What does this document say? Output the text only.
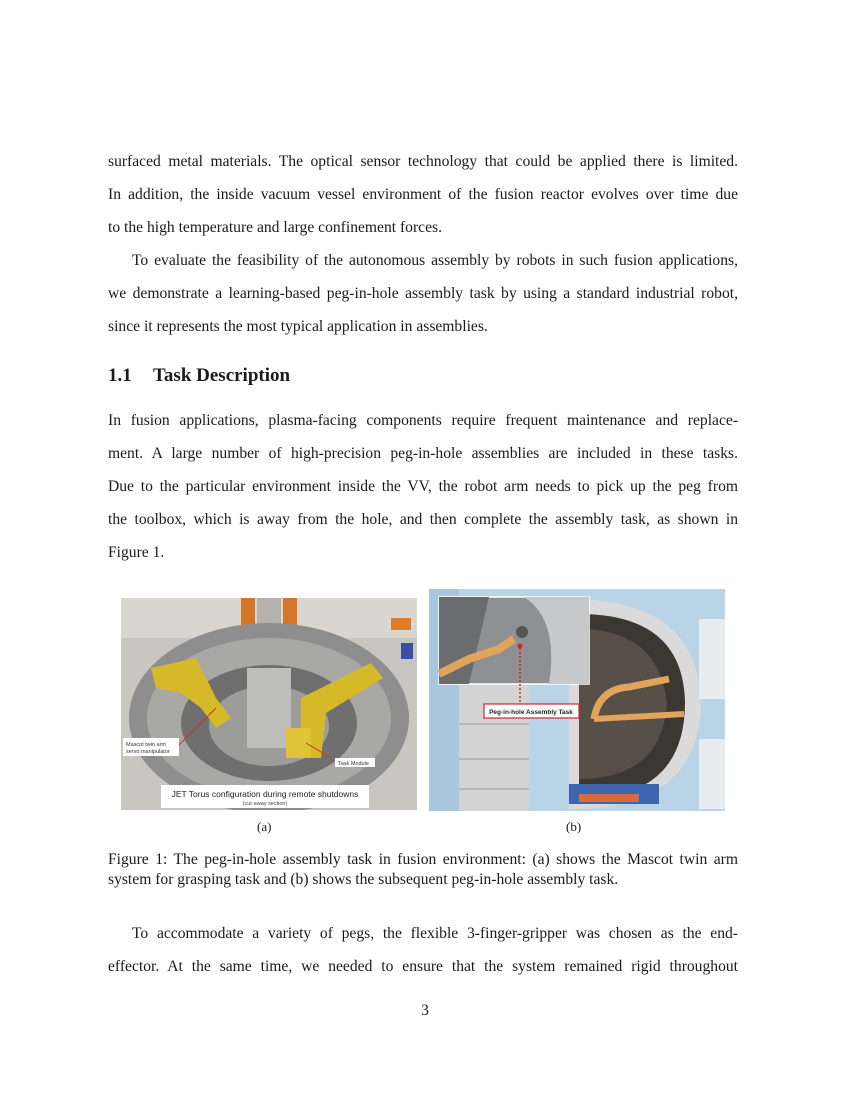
surfaced metal materials. The optical sensor technology that could be applied there is limited.
In addition, the inside vacuum vessel environment of the fusion reactor evolves over time due
to the high temperature and large confinement forces.
To evaluate the feasibility of the autonomous assembly by robots in such fusion applications,
we demonstrate a learning-based peg-in-hole assembly task by using a standard industrial robot,
since it represents the most typical application in assemblies.
1.1 Task Description
In fusion applications, plasma-facing components require frequent maintenance and replace-
ment. A large number of high-precision peg-in-hole assemblies are included in these tasks.
Due to the particular environment inside the VV, the robot arm needs to pick up the peg from
the toolbox, which is away from the hole, and then complete the assembly task, as shown in
Figure 1.
Mascot twin arm
servo manipulator
Task Module
JET Torus configuration during remote shutdowns
(cut-away section)
(a)
Peg-in-hole Assembly Task
(b)
Figure 1: The peg-in-hole assembly task in fusion environment: (a) shows the Mascot twin arm
system for grasping task and (b) shows the subsequent peg-in-hole assembly task.
To accommodate a variety of pegs, the flexible 3-finger-gripper was chosen as the end-
effector. At the same time, we needed to ensure that the system remained rigid throughout
3
